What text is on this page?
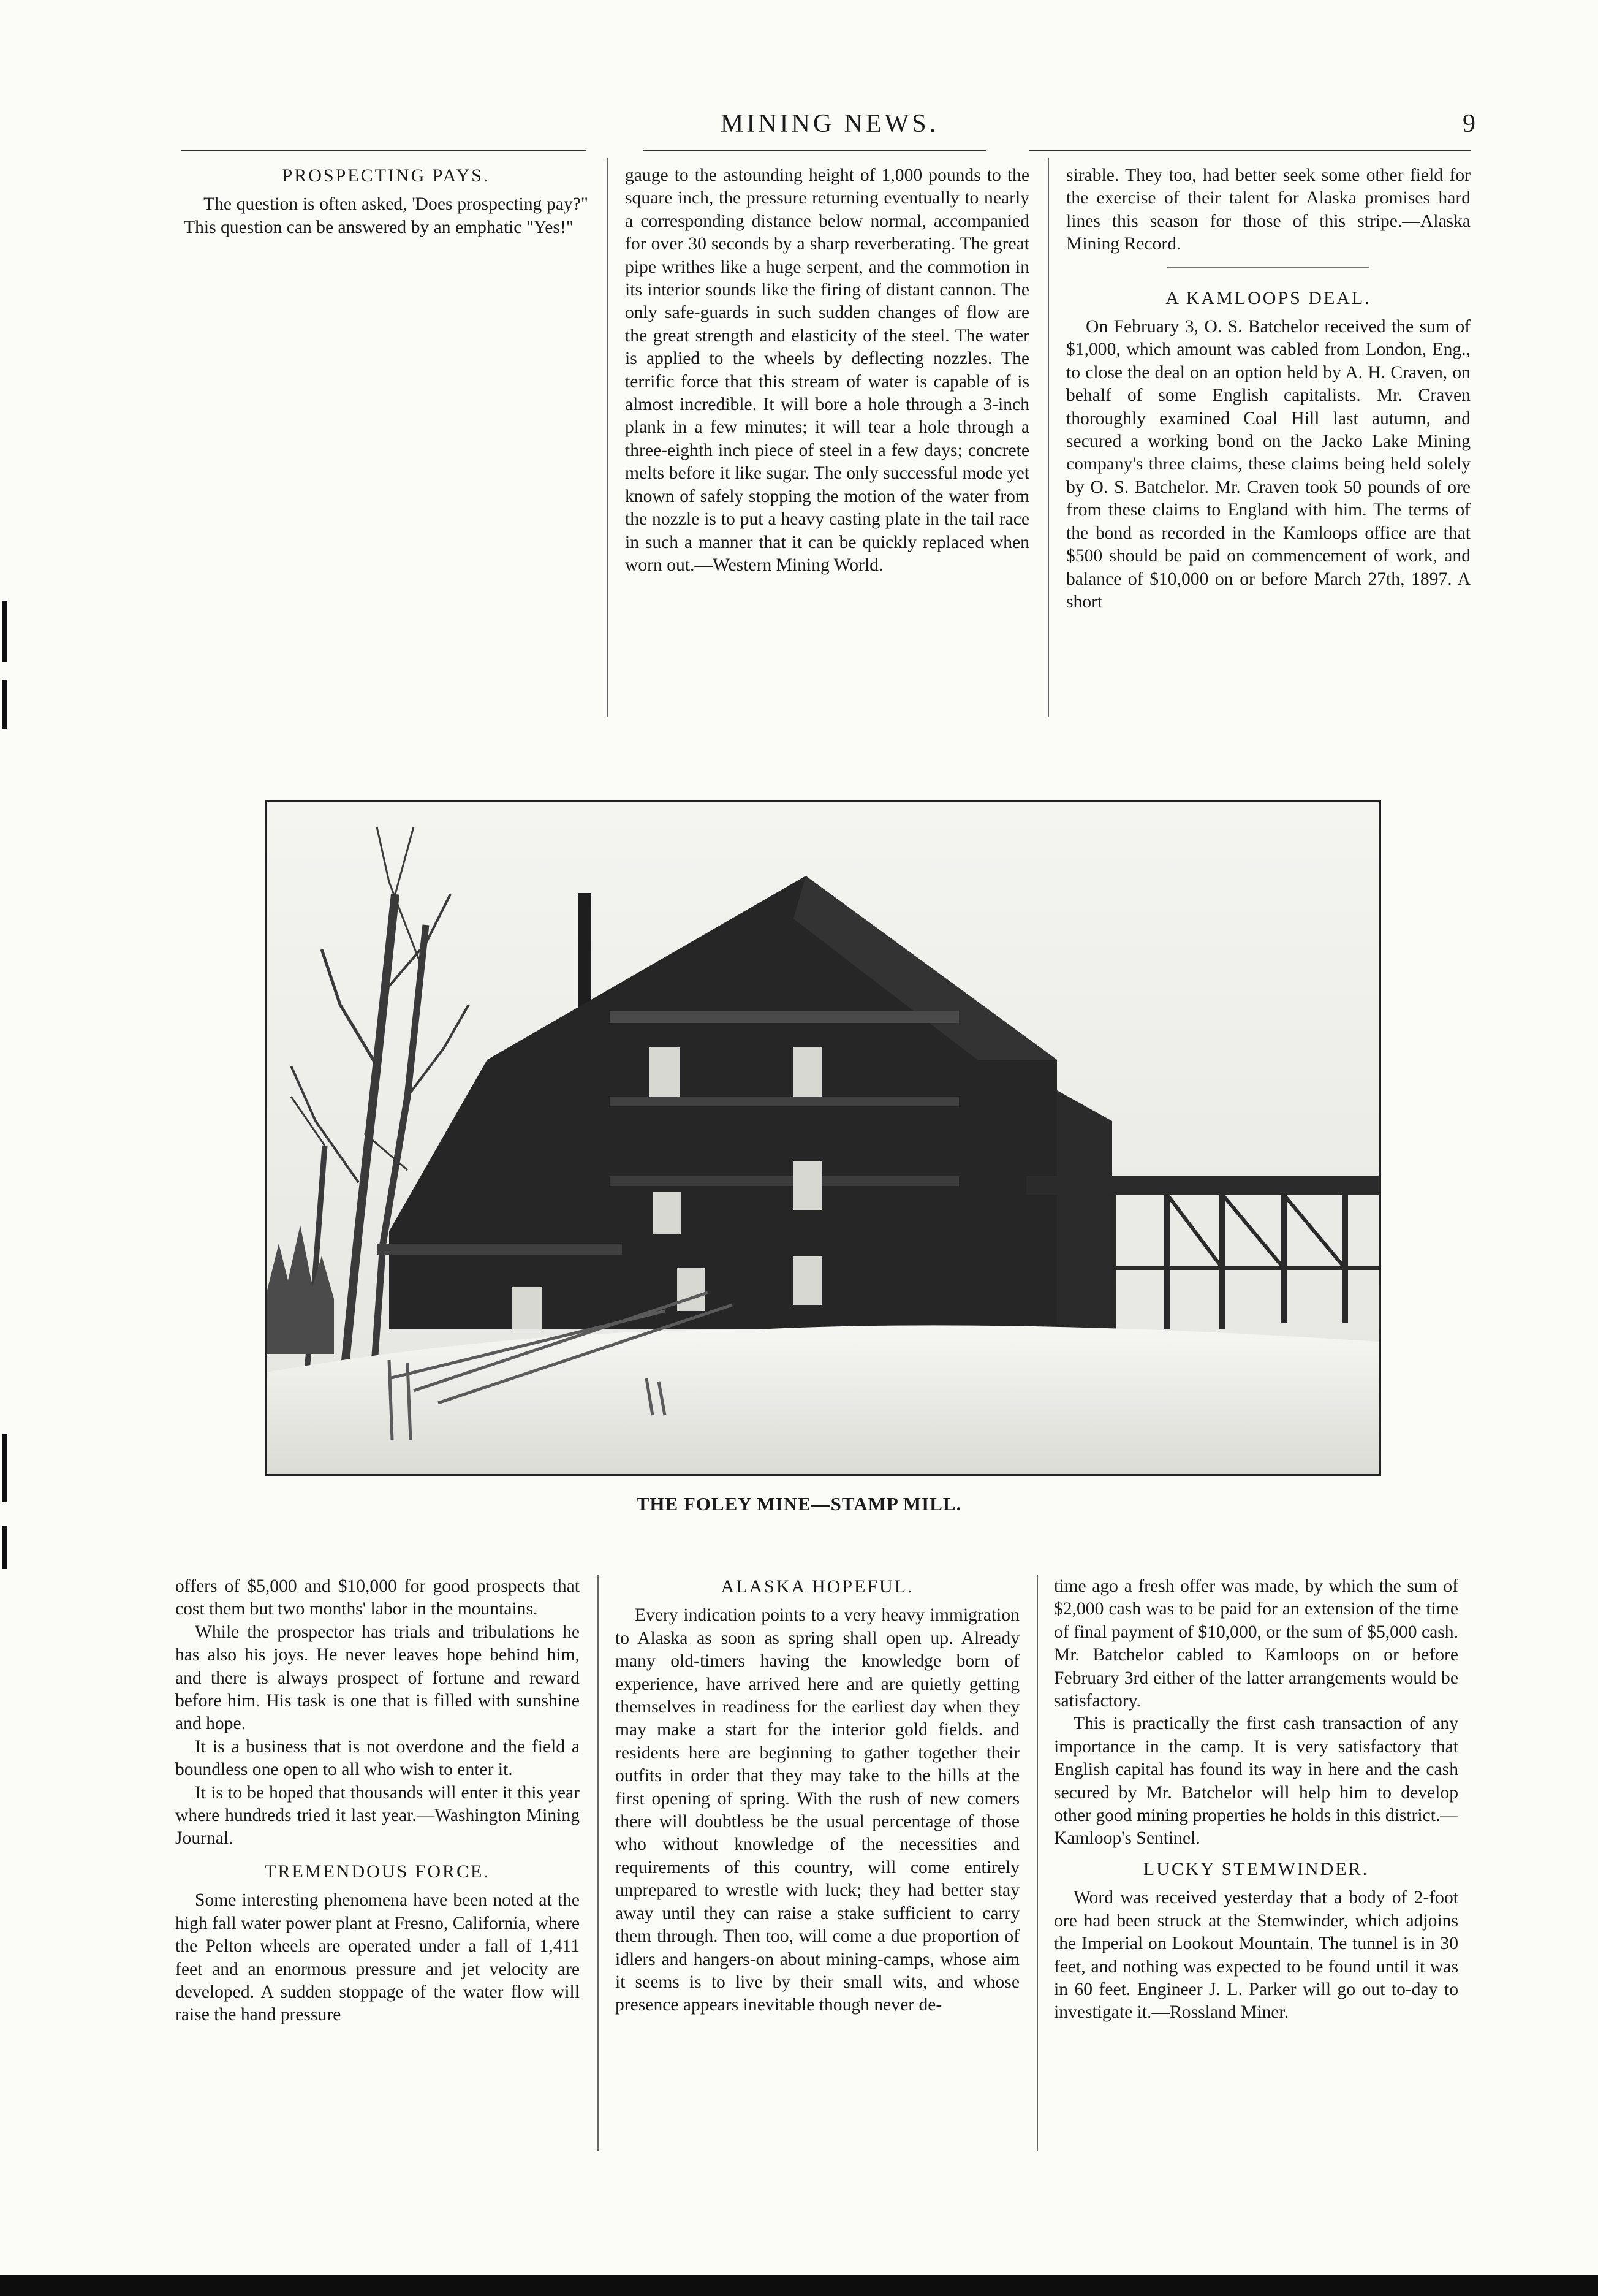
MINING NEWS.	9
PROSPECTING PAYS.

The question is often asked, 'Does prospecting pay?" This question can be answered by an emphatic "Yes!"

gauge to the astounding height of 1,000 pounds to the square inch, the pressure returning eventually to nearly a corresponding distance below normal, accompanied for over 30 seconds by a sharp reverberating. The great pipe writhes like a huge serpent, and the commotion in its interior sounds like the firing of distant cannon. The only safe-guards in such sudden changes of flow are the great strength and elasticity of the steel. The water is applied to the wheels by deflecting nozzles. The terrific force that this stream of water is capable of is almost incredible. It will bore a hole through a 3-inch plank in a few minutes; it will tear a hole through a three-eighth inch piece of steel in a few days; concrete melts before it like sugar. The only successful mode yet known of safely stopping the motion of the water from the nozzle is to put a heavy casting plate in the tail race in such a manner that it can be quickly replaced when worn out.—Western Mining World.

sirable. They too, had better seek some other field for the exercise of their talent for Alaska promises hard lines this season for those of this stripe.—Alaska Mining Record.

A KAMLOOPS DEAL.

On February 3, O. S. Batchelor received the sum of $1,000, which amount was cabled from London, Eng., to close the deal on an option held by A. H. Craven, on behalf of some English capitalists. Mr. Craven thoroughly examined Coal Hill last autumn, and secured a working bond on the Jacko Lake Mining company's three claims, these claims being held solely by O. S. Batchelor. Mr. Craven took 50 pounds of ore from these claims to England with him. The terms of the bond as recorded in the Kamloops office are that $500 should be paid on commencement of work, and balance of $10,000 on or before March 27th, 1897. A short

THE FOLEY MINE—STAMP MILL.

offers of $5,000 and $10,000 for good prospects that cost them but two months' labor in the mountains.

While the prospector has trials and tribulations he has also his joys. He never leaves hope behind him, and there is always prospect of fortune and reward before him. His task is one that is filled with sunshine and hope.

It is a business that is not overdone and the field a boundless one open to all who wish to enter it.

It is to be hoped that thousands will enter it this year where hundreds tried it last year.—Washington Mining Journal.

TREMENDOUS FORCE.

Some interesting phenomena have been noted at the high fall water power plant at Fresno, California, where the Pelton wheels are operated under a fall of 1,411 feet and an enormous pressure and jet velocity are developed. A sudden stoppage of the water flow will raise the hand pressure

ALASKA HOPEFUL.

Every indication points to a very heavy immigration to Alaska as soon as spring shall open up. Already many old-timers having the knowledge born of experience, have arrived here and are quietly getting themselves in readiness for the earliest day when they may make a start for the interior gold fields. and residents here are beginning to gather together their outfits in order that they may take to the hills at the first opening of spring. With the rush of new comers there will doubtless be the usual percentage of those who without knowledge of the necessities and requirements of this country, will come entirely unprepared to wrestle with luck; they had better stay away until they can raise a stake sufficient to carry them through. Then too, will come a due proportion of idlers and hangers-on about mining-camps, whose aim it seems is to live by their small wits, and whose presence appears inevitable though never de-

time ago a fresh offer was made, by which the sum of $2,000 cash was to be paid for an extension of the time of final payment of $10,000, or the sum of $5,000 cash. Mr. Batchelor cabled to Kamloops on or before February 3rd either of the latter arrangements would be satisfactory.

This is practically the first cash transaction of any importance in the camp. It is very satisfactory that English capital has found its way in here and the cash secured by Mr. Batchelor will help him to develop other good mining properties he holds in this district.—Kamloop's Sentinel.

LUCKY STEMWINDER.

Word was received yesterday that a body of 2-foot ore had been struck at the Stemwinder, which adjoins the Imperial on Lookout Mountain. The tunnel is in 30 feet, and nothing was expected to be found until it was in 60 feet. Engineer J. L. Parker will go out to-day to investigate it.—Rossland Miner.
